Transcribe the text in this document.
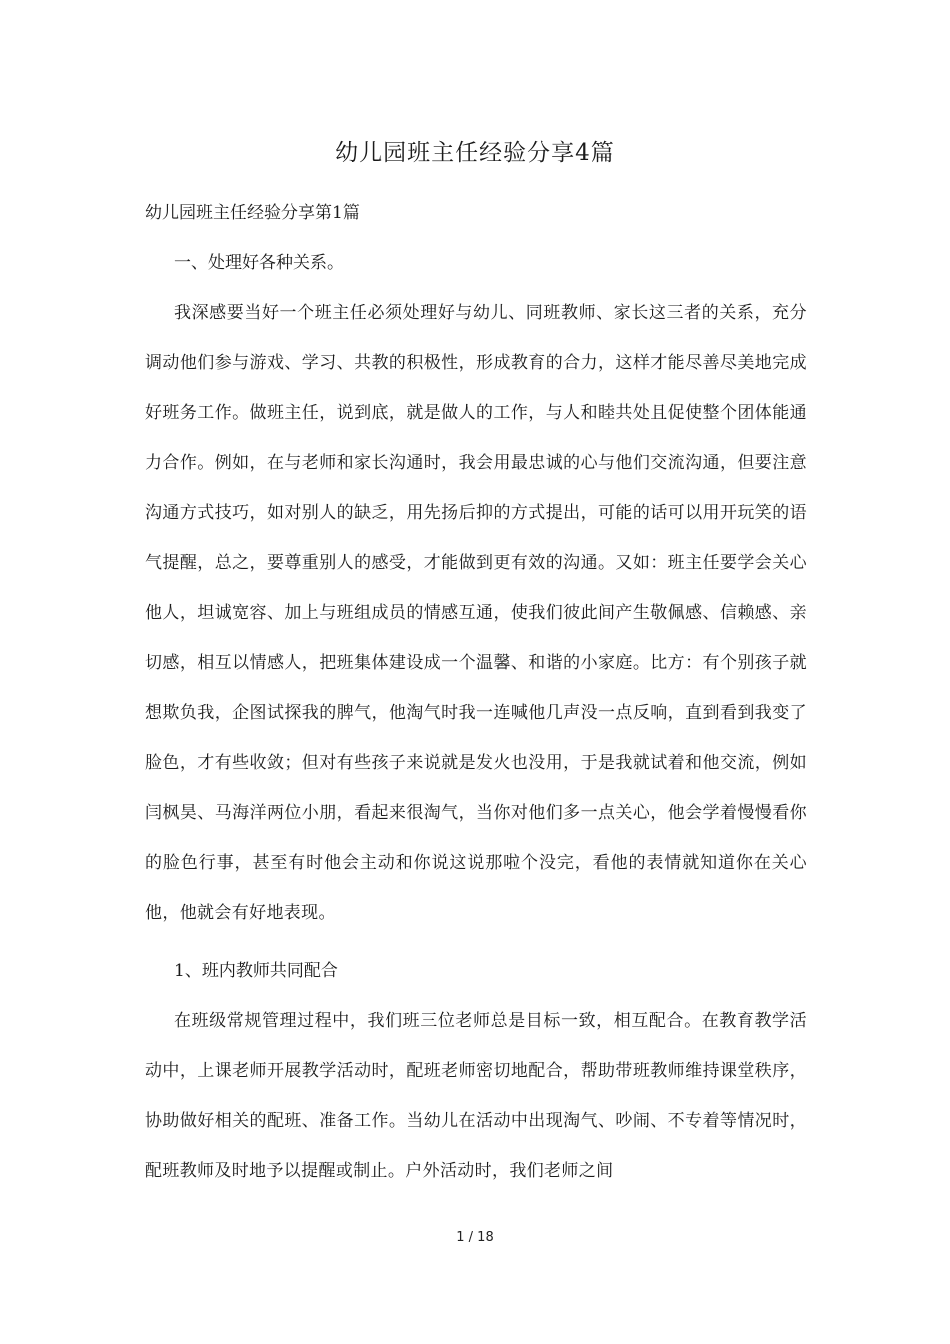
幼儿园班主任经验分享4篇

幼儿园班主任经验分享第1篇

一、处理好各种关系。

我深感要当好一个班主任必须处理好与幼儿、同班教师、家长这三者的关系，充分调动他们参与游戏、学习、共教的积极性，形成教育的合力，这样才能尽善尽美地完成好班务工作。做班主任，说到底，就是做人的工作，与人和睦共处且促使整个团体能通力合作。例如，在与老师和家长沟通时，我会用最忠诚的心与他们交流沟通，但要注意沟通方式技巧，如对别人的缺乏，用先扬后抑的方式提出，可能的话可以用开玩笑的语气提醒，总之，要尊重别人的感受，才能做到更有效的沟通。又如：班主任要学会关心他人，坦诚宽容、加上与班组成员的情感互通，使我们彼此间产生敬佩感、信赖感、亲切感，相互以情感人，把班集体建设成一个温馨、和谐的小家庭。比方：有个别孩子就想欺负我，企图试探我的脾气，他淘气时我一连喊他几声没一点反响，直到看到我变了脸色，才有些收敛；但对有些孩子来说就是发火也没用，于是我就试着和他交流，例如闫枫昊、马海洋两位小朋，看起来很淘气，当你对他们多一点关心，他会学着慢慢看你的脸色行事，甚至有时他会主动和你说这说那啦个没完，看他的表情就知道你在关心他，他就会有好地表现。

1、班内教师共同配合

在班级常规管理过程中，我们班三位老师总是目标一致，相互配合。在教育教学活动中，上课老师开展教学活动时，配班老师密切地配合，帮助带班教师维持课堂秩序，协助做好相关的配班、准备工作。当幼儿在活动中出现淘气、吵闹、不专着等情况时，配班教师及时地予以提醒或制止。户外活动时，我们老师之间

1 / 18
